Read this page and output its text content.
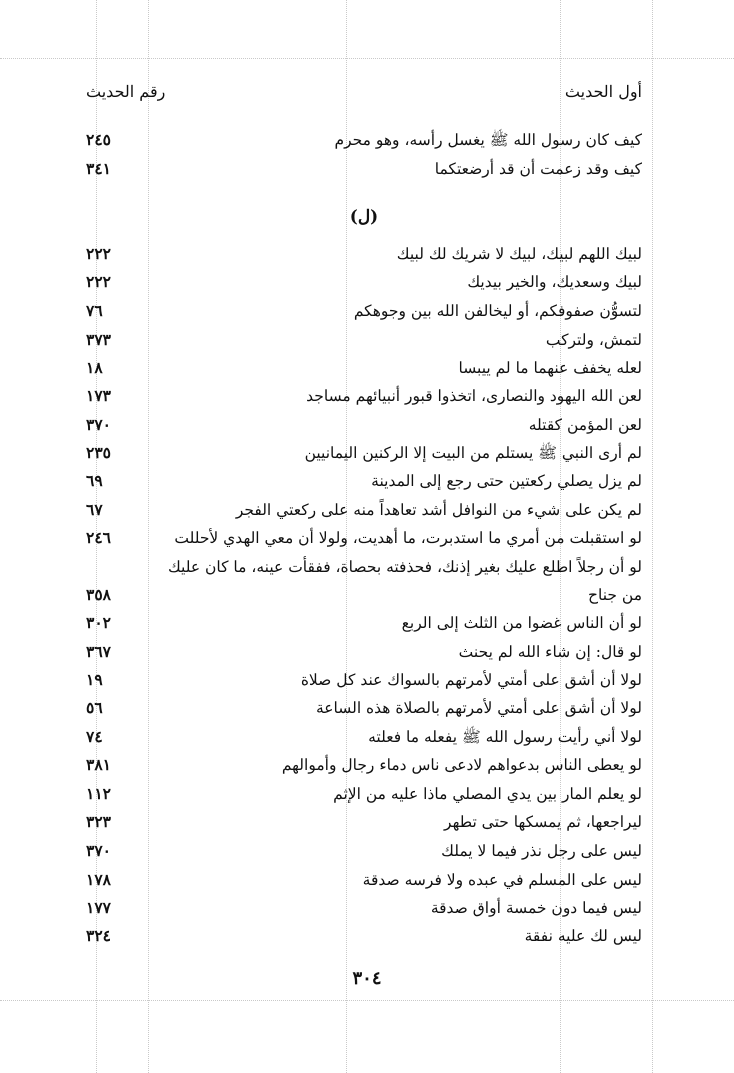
أول الحديث
رقم الحديث
كيف كان رسول الله ﷺ يغسل رأسه، وهو محرم
٢٤٥
كيف وقد زعمت أن قد أرضعتكما
٣٤١
(ل)
لبيك اللهم لبيك، لبيك لا شريك لك لبيك
٢٢٢
لبيك وسعديك، والخير بيديك
٢٢٢
لتسوُّن صفوفكم، أو ليخالفن الله بين وجوهكم
٧٦
لتمش، ولتركب
٣٧٣
لعله يخفف عنهما ما لم ييبسا
١٨
لعن الله اليهود والنصارى، اتخذوا قبور أنبيائهم مساجد
١٧٣
لعن المؤمن كقتله
٣٧٠
لم أرى النبي ﷺ يستلم من البيت إلا الركنين اليمانيين
٢٣٥
لم يزل يصلي ركعتين حتى رجع إلى المدينة
٦٩
لم يكن على شيء من النوافل أشد تعاهداً منه على ركعتي الفجر
٦٧
لو استقبلت من أمري ما استدبرت، ما أهديت، ولولا أن معي الهدي لأحللت
٢٤٦
لو أن رجلاً اطلع عليك بغير إذنك، فحذفته بحصاة، ففقأت عينه، ما كان عليك
من جناح
٣٥٨
لو أن الناس غضوا من الثلث إلى الربع
٣٠٢
لو قال: إن شاء الله لم يحنث
٣٦٧
لولا أن أشق على أمتي لأمرتهم بالسواك عند كل صلاة
١٩
لولا أن أشق على أمتي لأمرتهم بالصلاة هذه الساعة
٥٦
لولا أني رأيت رسول الله ﷺ يفعله ما فعلته
٧٤
لو يعطى الناس بدعواهم لادعى ناس دماء رجال وأموالهم
٣٨١
لو يعلم المار بين يدي المصلي ماذا عليه من الإثم
١١٢
ليراجعها، ثم يمسكها حتى تطهر
٣٢٣
ليس على رجل نذر فيما لا يملك
٣٧٠
ليس على المسلم في عبده ولا فرسه صدقة
١٧٨
ليس فيما دون خمسة أواق صدقة
١٧٧
ليس لك عليه نفقة
٣٢٤
٣٠٤
